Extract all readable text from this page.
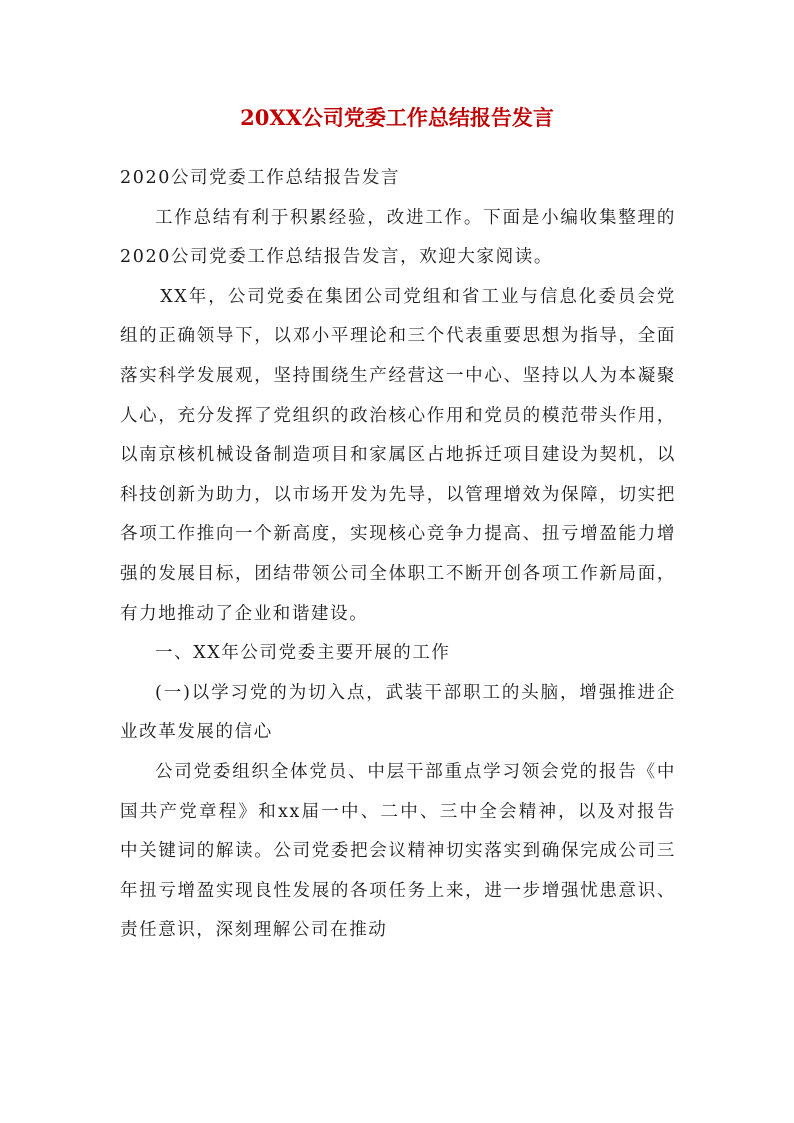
20XX公司党委工作总结报告发言

2020公司党委工作总结报告发言

工作总结有利于积累经验，改进工作。下面是小编收集整理的2020公司党委工作总结报告发言，欢迎大家阅读。

XX年，公司党委在集团公司党组和省工业与信息化委员会党组的正确领导下，以邓小平理论和三个代表重要思想为指导，全面落实科学发展观，坚持围绕生产经营这一中心、坚持以人为本凝聚人心，充分发挥了党组织的政治核心作用和党员的模范带头作用，以南京核机械设备制造项目和家属区占地拆迁项目建设为契机，以科技创新为助力，以市场开发为先导，以管理增效为保障，切实把各项工作推向一个新高度，实现核心竞争力提高、扭亏增盈能力增强的发展目标，团结带领公司全体职工不断开创各项工作新局面，有力地推动了企业和谐建设。

一、XX年公司党委主要开展的工作

(一)以学习党的为切入点，武装干部职工的头脑，增强推进企业改革发展的信心

公司党委组织全体党员、中层干部重点学习领会党的报告《中国共产党章程》和xx届一中、二中、三中全会精神，以及对报告中关键词的解读。公司党委把会议精神切实落实到确保完成公司三年扭亏增盈实现良性发展的各项任务上来，进一步增强忧患意识、责任意识，深刻理解公司在推动
